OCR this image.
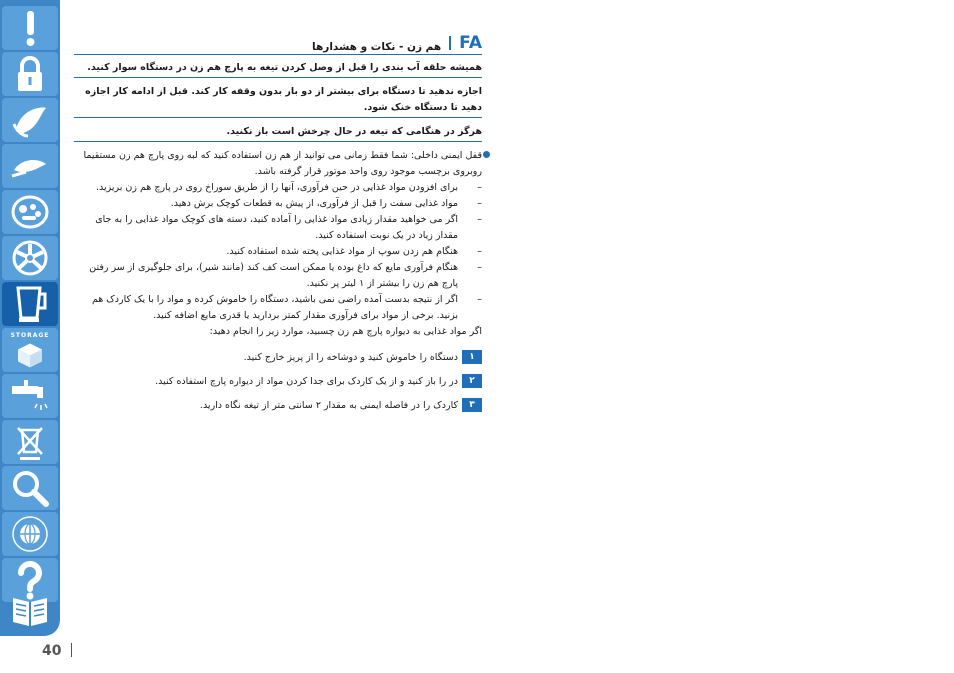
STORAGE
FA
هم زن - نکات و هشدارها
همیشه حلقه آب بندی را قبل از وصل کردن تیغه به پارچ هم زن در دستگاه سوار کنید.
اجازه ندهید تا دستگاه برای بیشتر از دو بار بدون وقفه کار کند. قبل از ادامه کار اجازه دهید تا دستگاه خنک شود.
هرگز در هنگامی که تیغه در حال چرخش است باز نکنید.
قفل ایمنی داخلی: شما فقط زمانی می توانید از هم زن استفاده کنید که لبه روی پارچ هم زن مستقیما روبروی برچسب موجود روی واحد موتور قرار گرفته باشد.
– برای افزودن مواد غذایی در حین فرآوری، آنها را از طریق سوراخ روی در پارچ هم زن بریزید.
– مواد غذایی سفت را قبل از فرآوری، از پیش به قطعات کوچک برش دهید.
– اگر می خواهید مقدار زیادی مواد غذایی را آماده کنید، دسته های کوچک مواد غذایی را به جای مقدار زیاد در یک نوبت استفاده کنید.
– هنگام هم زدن سوپ از مواد غذایی پخته شده استفاده کنید.
– هنگام فرآوری مایع که داغ بوده یا ممکن است کف کند (مانند شیر)، برای جلوگیری از سر رفتن پارچ هم زن را بیشتر از ۱ لیتر پر نکنید.
– اگر از نتیجه بدست آمده راضی نمی باشید، دستگاه را خاموش کرده و مواد را با یک کاردک هم بزنید. برخی از مواد برای فرآوری مقدار کمتر بردارید یا قدری مایع اضافه کنید.
اگر مواد غذایی به دیواره پارچ هم زن چسبید، موارد زیر را انجام دهید:
۱
دستگاه را خاموش کنید و دوشاخه را از پریز خارج کنید.
۲
در را باز کنید و از یک کاردک برای جدا کردن مواد از دیواره پارچ استفاده کنید.
۳
کاردک را در فاصله ایمنی به مقدار ۲ سانتی متر از تیغه نگاه دارید.
40
